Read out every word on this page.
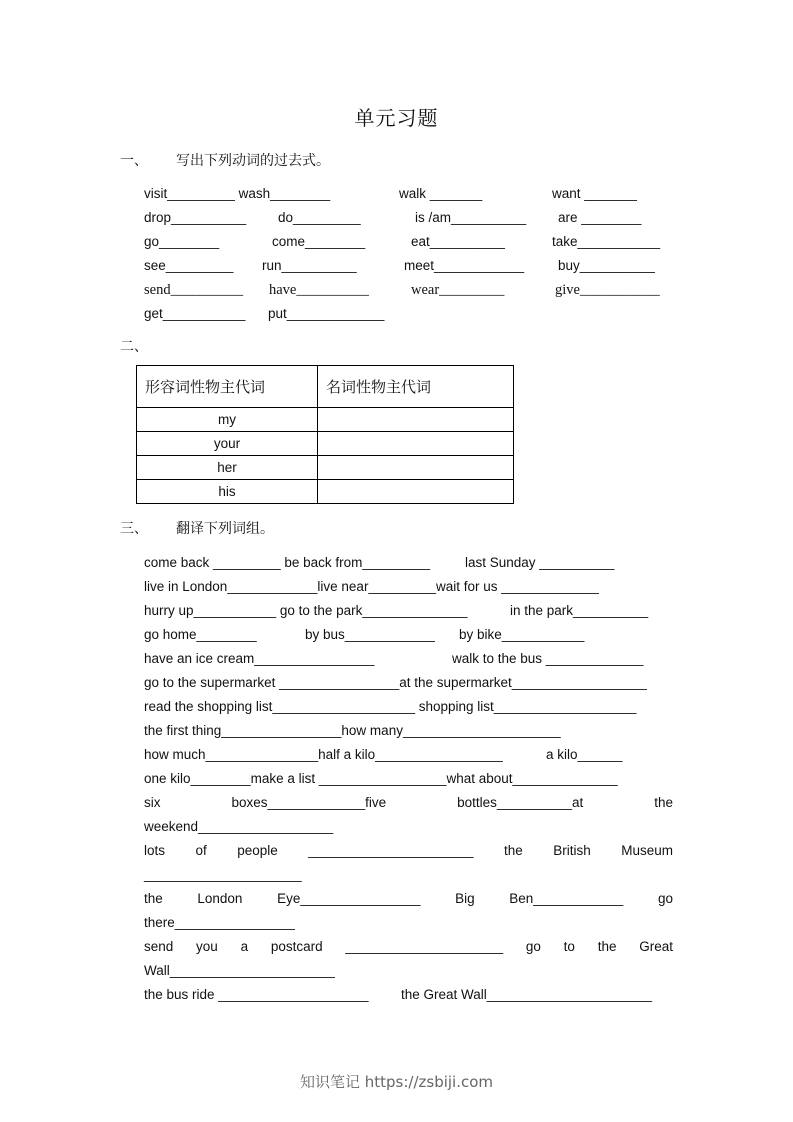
单元习题
一、 写出下列动词的过去式。
visit_________ wash________	walk _______	want _______
drop__________ do_________	is /am__________ are ________
go________	come________	eat__________	take___________
see_________ run__________	meet____________	buy__________
send__________ have__________	wear_________	give___________
get___________ put_____________
二、
形容词性物主代词	名词性物主代词
my	
your	
her	
his	
三、 翻译下列词组。
come back _________ be back from_________	last Sunday __________
live in London____________live near_________wait for us _____________
hurry up___________ go to the park______________	in the park__________
go home________	by bus____________ by bike___________
have an ice cream________________	walk to the bus _____________
go to the supermarket ________________at the supermarket__________________
read the shopping list___________________ shopping list___________________
the first thing________________how many_____________________
how much_______________half a kilo_________________	a kilo______
one kilo________make a list _________________what about______________
six	boxes_____________five	bottles__________at	the
weekend__________________
lots of people ______________________ the British Museum
_____________________
the	London	Eye________________	Big	Ben____________	go
there________________
send you a postcard _____________________ go to the Great
Wall______________________
the bus ride ____________________ the Great Wall______________________
知识笔记 https://zsbiji.com
